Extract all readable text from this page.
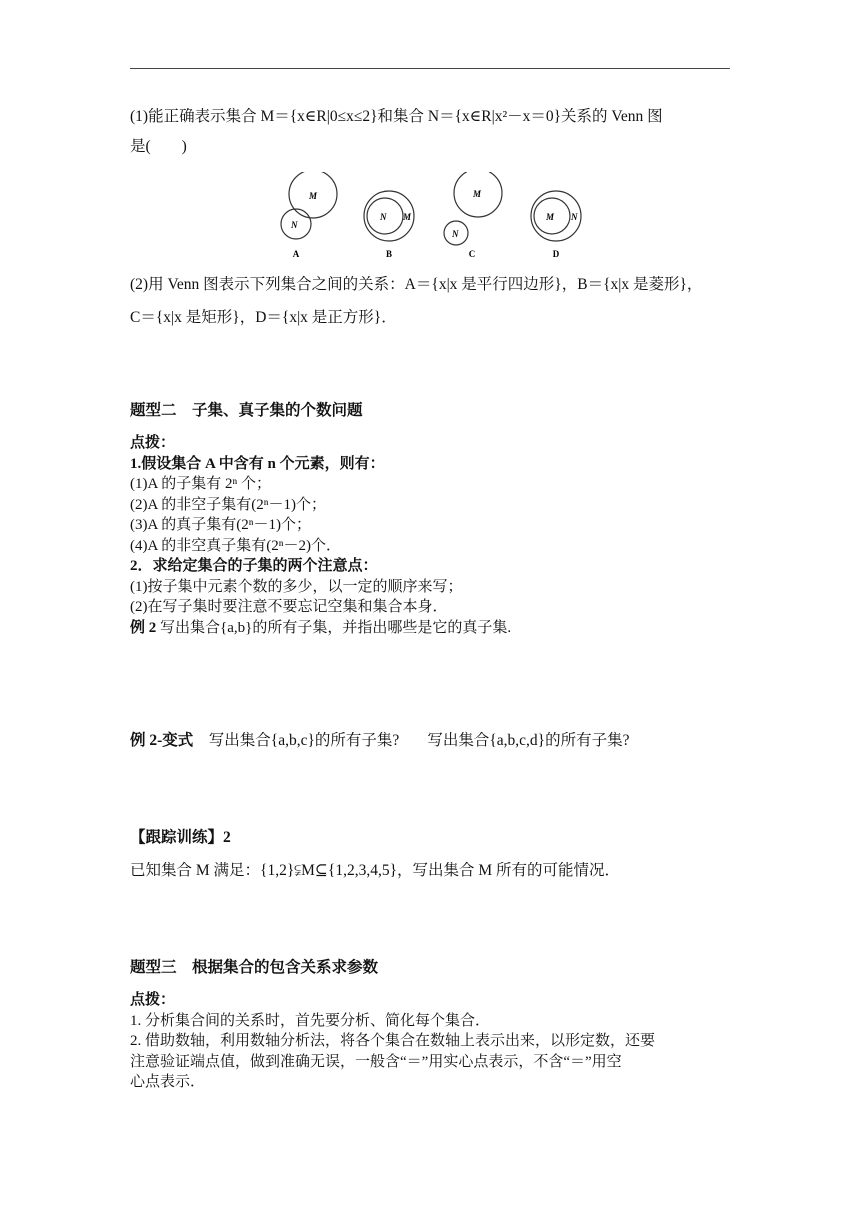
(1)能正确表示集合 M＝{x∈R|0≤x≤2}和集合 N＝{x∈R|x²－x＝0}关系的 Venn 图
是(　　)
M
N
A
N M
B
M
N
C
M N
D
(2)用 Venn 图表示下列集合之间的关系：A＝{x|x 是平行四边形}，B＝{x|x 是菱形}，
C＝{x|x 是矩形}，D＝{x|x 是正方形}．
题型二　子集、真子集的个数问题
点拨：
1.假设集合 A 中含有 n 个元素，则有：
(1)A 的子集有 2ⁿ 个；
(2)A 的非空子集有(2ⁿ－1)个；
(3)A 的真子集有(2ⁿ－1)个；
(4)A 的非空真子集有(2ⁿ－2)个．
2．求给定集合的子集的两个注意点：
(1)按子集中元素个数的多少，以一定的顺序来写；
(2)在写子集时要注意不要忘记空集和集合本身．
例 2 写出集合{a,b}的所有子集，并指出哪些是它的真子集.
例 2-变式　写出集合{a,b,c}的所有子集? 写出集合{a,b,c,d}的所有子集?
【跟踪训练】2
已知集合 M 满足：{1,2}⫋M⊆{1,2,3,4,5}，写出集合 M 所有的可能情况．
题型三　根据集合的包含关系求参数
点拨：
1. 分析集合间的关系时，首先要分析、简化每个集合．
2. 借助数轴，利用数轴分析法，将各个集合在数轴上表示出来，以形定数，还要
注意验证端点值，做到准确无误，一般含“＝”用实心点表示，不含“＝”用空
心点表示．
